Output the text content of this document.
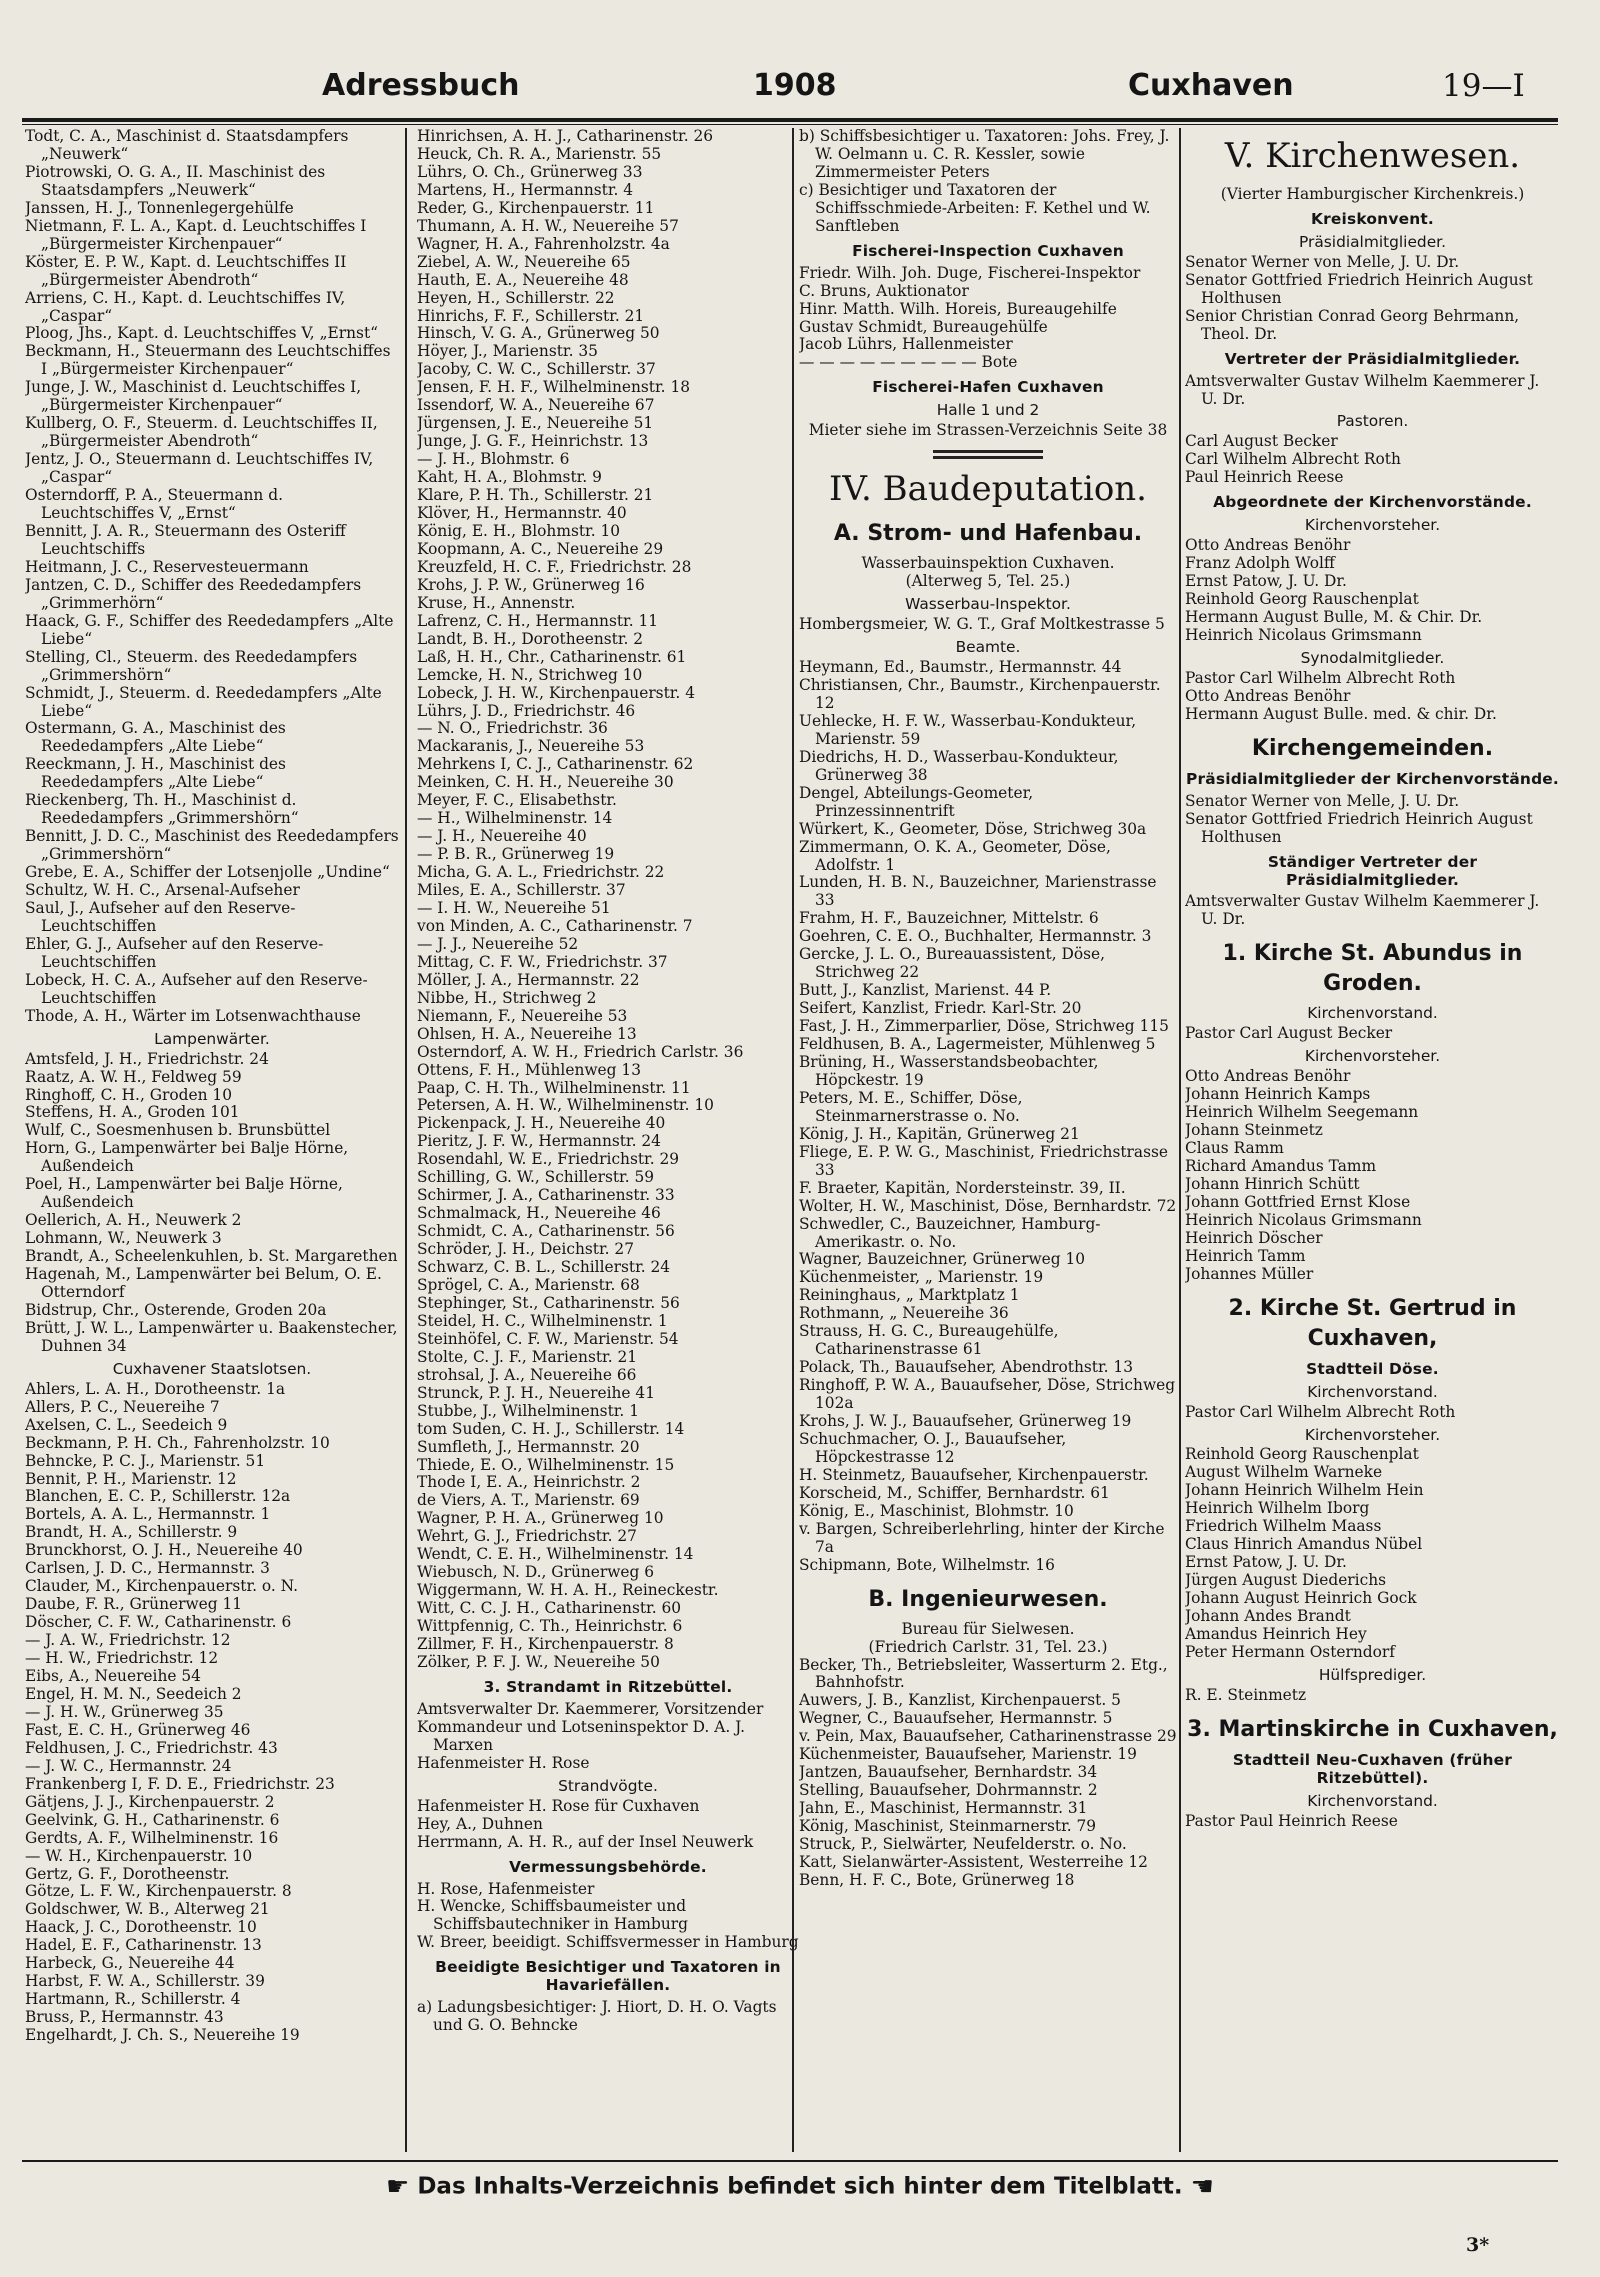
Adressbuch	1908	Cuxhaven	19—I
Todt, C. A., Maschinist d. Staatsdampfers „Neuwerk“
Piotrowski, O. G. A., II. Maschinist des Staatsdampfers „Neuwerk“
Janssen, H. J., Tonnenlegergehülfe
Nietmann, F. L. A., Kapt. d. Leuchtschiffes I „Bürgermeister Kirchenpauer“
Köster, E. P. W., Kapt. d. Leuchtschiffes II „Bürgermeister Abendroth“
Arriens, C. H., Kapt. d. Leuchtschiffes IV, „Caspar“
Ploog, Jhs., Kapt. d. Leuchtschiffes V, „Ernst“
Beckmann, H., Steuermann des Leuchtschiffes I „Bürgermeister Kirchenpauer“
Junge, J. W., Maschinist d. Leuchtschiffes I, „Bürgermeister Kirchenpauer“
Kullberg, O. F., Steuerm. d. Leuchtschiffes II, „Bürgermeister Abendroth“
Jentz, J. O., Steuermann d. Leuchtschiffes IV, „Caspar“
Osterndorff, P. A., Steuermann d. Leuchtschiffes V, „Ernst“
Bennitt, J. A. R., Steuermann des Osteriff Leuchtschiffs
Heitmann, J. C., Reservesteuermann
Jantzen, C. D., Schiffer des Reededampfers „Grimmerhörn“
Haack, G. F., Schiffer des Reededampfers „Alte Liebe“
Stelling, Cl., Steuerm. des Reededampfers „Grimmershörn“
Schmidt, J., Steuerm. d. Reededampfers „Alte Liebe“
Ostermann, G. A., Maschinist des Reededampfers „Alte Liebe“
Reeckmann, J. H., Maschinist des Reededampfers „Alte Liebe“
Rieckenberg, Th. H., Maschinist d. Reededampfers „Grimmershörn“
Bennitt, J. D. C., Maschinist des Reededampfers „Grimmershörn“
Grebe, E. A., Schiffer der Lotsenjolle „Undine“
Schultz, W. H. C., Arsenal-Aufseher
Saul, J., Aufseher auf den Reserve-Leuchtschiffen
Ehler, G. J., Aufseher auf den Reserve-Leuchtschiffen
Lobeck, H. C. A., Aufseher auf den Reserve-Leuchtschiffen
Thode, A. H., Wärter im Lotsenwachthause
Lampenwärter.
Amtsfeld, J. H., Friedrichstr. 24
Raatz, A. W. H., Feldweg 59
Ringhoff, C. H., Groden 10
Steffens, H. A., Groden 101
Wulf, C., Soesmenhusen b. Brunsbüttel
Horn, G., Lampenwärter bei Balje Hörne, Außendeich
Poel, H., Lampenwärter bei Balje Hörne, Außendeich
Oellerich, A. H., Neuwerk 2
Lohmann, W., Neuwerk 3
Brandt, A., Scheelenkuhlen, b. St. Margarethen
Hagenah, M., Lampenwärter bei Belum, O. E. Otterndorf
Bidstrup, Chr., Osterende, Groden 20a
Brütt, J. W. L., Lampenwärter u. Baakenstecher, Duhnen 34
Cuxhavener Staatslotsen.
Ahlers, L. A. H., Dorotheenstr. 1a
Allers, P. C., Neuereihe 7
Axelsen, C. L., Seedeich 9
Beckmann, P. H. Ch., Fahrenholzstr. 10
Behncke, P. C. J., Marienstr. 51
Bennit, P. H., Marienstr. 12
Blanchen, E. C. P., Schillerstr. 12a
Bortels, A. A. L., Hermannstr. 1
Brandt, H. A., Schillerstr. 9
Brunckhorst, O. J. H., Neuereihe 40
Carlsen, J. D. C., Hermannstr. 3
Clauder, M., Kirchenpauerstr. o. N.
Daube, F. R., Grünerweg 11
Döscher, C. F. W., Catharinenstr. 6
— J. A. W., Friedrichstr. 12
— H. W., Friedrichstr. 12
Eibs, A., Neuereihe 54
Engel, H. M. N., Seedeich 2
— J. H. W., Grünerweg 35
Fast, E. C. H., Grünerweg 46
Feldhusen, J. C., Friedrichstr. 43
— J. W. C., Hermannstr. 24
Frankenberg I, F. D. E., Friedrichstr. 23
Gätjens, J. J., Kirchenpauerstr. 2
Geelvink, G. H., Catharinenstr. 6
Gerdts, A. F., Wilhelminenstr. 16
— W. H., Kirchenpauerstr. 10
Gertz, G. F., Dorotheenstr.
Götze, L. F. W., Kirchenpauerstr. 8
Goldschwer, W. B., Alterweg 21
Haack, J. C., Dorotheenstr. 10
Hadel, E. F., Catharinenstr. 13
Harbeck, G., Neuereihe 44
Harbst, F. W. A., Schillerstr. 39
Hartmann, R., Schillerstr. 4
Bruss, P., Hermannstr. 43
Engelhardt, J. Ch. S., Neuereihe 19
Hinrichsen, A. H. J., Catharinenstr. 26
Heuck, Ch. R. A., Marienstr. 55
Lührs, O. Ch., Grünerweg 33
Martens, H., Hermannstr. 4
Reder, G., Kirchenpauerstr. 11
Thumann, A. H. W., Neuereihe 57
Wagner, H. A., Fahrenholzstr. 4a
Ziebel, A. W., Neuereihe 65
Hauth, E. A., Neuereihe 48
Heyen, H., Schillerstr. 22
Hinrichs, F. F., Schillerstr. 21
Hinsch, V. G. A., Grünerweg 50
Höyer, J., Marienstr. 35
Jacoby, C. W. C., Schillerstr. 37
Jensen, F. H. F., Wilhelminenstr. 18
Issendorf, W. A., Neuereihe 67
Jürgensen, J. E., Neuereihe 51
Junge, J. G. F., Heinrichstr. 13
— J. H., Blohmstr. 6
Kaht, H. A., Blohmstr. 9
Klare, P. H. Th., Schillerstr. 21
Klöver, H., Hermannstr. 40
König, E. H., Blohmstr. 10
Koopmann, A. C., Neuereihe 29
Kreuzfeld, H. C. F., Friedrichstr. 28
Krohs, J. P. W., Grünerweg 16
Kruse, H., Annenstr.
Lafrenz, C. H., Hermannstr. 11
Landt, B. H., Dorotheenstr. 2
Laß, H. H., Chr., Catharinenstr. 61
Lemcke, H. N., Strichweg 10
Lobeck, J. H. W., Kirchenpauerstr. 4
Lührs, J. D., Friedrichstr. 46
— N. O., Friedrichstr. 36
Mackaranis, J., Neuereihe 53
Mehrkens I, C. J., Catharinenstr. 62
Meinken, C. H. H., Neuereihe 30
Meyer, F. C., Elisabethstr.
— H., Wilhelminenstr. 14
— J. H., Neuereihe 40
— P. B. R., Grünerweg 19
Micha, G. A. L., Friedrichstr. 22
Miles, E. A., Schillerstr. 37
— I. H. W., Neuereihe 51
von Minden, A. C., Catharinenstr. 7
— J. J., Neuereihe 52
Mittag, C. F. W., Friedrichstr. 37
Möller, J. A., Hermannstr. 22
Nibbe, H., Strichweg 2
Niemann, F., Neuereihe 53
Ohlsen, H. A., Neuereihe 13
Osterndorf, A. W. H., Friedrich Carlstr. 36
Ottens, F. H., Mühlenweg 13
Paap, C. H. Th., Wilhelminenstr. 11
Petersen, A. H. W., Wilhelminenstr. 10
Pickenpack, J. H., Neuereihe 40
Pieritz, J. F. W., Hermannstr. 24
Rosendahl, W. E., Friedrichstr. 29
Schilling, G. W., Schillerstr. 59
Schirmer, J. A., Catharinenstr. 33
Schmalmack, H., Neuereihe 46
Schmidt, C. A., Catharinenstr. 56
Schröder, J. H., Deichstr. 27
Schwarz, C. B. L., Schillerstr. 24
Sprögel, C. A., Marienstr. 68
Stephinger, St., Catharinenstr. 56
Steidel, H. C., Wilhelminenstr. 1
Steinhöfel, C. F. W., Marienstr. 54
Stolte, C. J. F., Marienstr. 21
strohsal, J. A., Neuereihe 66
Strunck, P. J. H., Neuereihe 41
Stubbe, J., Wilhelminenstr. 1
tom Suden, C. H. J., Schillerstr. 14
Sumfleth, J., Hermannstr. 20
Thiede, E. O., Wilhelminenstr. 15
Thode I, E. A., Heinrichstr. 2
de Viers, A. T., Marienstr. 69
Wagner, P. H. A., Grünerweg 10
Wehrt, G. J., Friedrichstr. 27
Wendt, C. E. H., Wilhelminenstr. 14
Wiebusch, N. D., Grünerweg 6
Wiggermann, W. H. A. H., Reineckestr.
Witt, C. C. J. H., Catharinenstr. 60
Wittpfennig, C. Th., Heinrichstr. 6
Zillmer, F. H., Kirchenpauerstr. 8
Zölker, P. F. J. W., Neuereihe 50
3. Strandamt in Ritzebüttel.
Amtsverwalter Dr. Kaemmerer, Vorsitzender
Kommandeur und Lotseninspektor D. A. J. Marxen
Hafenmeister H. Rose
Strandvögte.
Hafenmeister H. Rose für Cuxhaven
Hey, A., Duhnen
Herrmann, A. H. R., auf der Insel Neuwerk
Vermessungsbehörde.
H. Rose, Hafenmeister
H. Wencke, Schiffsbaumeister und Schiffsbautechniker in Hamburg
W. Breer, beeidigt. Schiffsvermesser in Hamburg
Beeidigte Besichtiger und Taxatoren in Havariefällen.
a) Ladungsbesichtiger: J. Hiort, D. H. O. Vagts und G. O. Behncke
b) Schiffsbesichtiger u. Taxatoren: Johs. Frey, J. W. Oelmann u. C. R. Kessler, sowie Zimmermeister Peters
c) Besichtiger und Taxatoren der Schiffsschmiede-Arbeiten: F. Kethel und W. Sanftleben
Fischerei-Inspection Cuxhaven
Friedr. Wilh. Joh. Duge, Fischerei-Inspektor
C. Bruns, Auktionator
Hinr. Matth. Wilh. Horeis, Bureaugehilfe
Gustav Schmidt, Bureaugehülfe
Jacob Lührs, Hallenmeister
— — — — — — — — — Bote
Fischerei-Hafen Cuxhaven
Halle 1 und 2
Mieter siehe im Strassen-Verzeichnis Seite 38
IV. Baudeputation.
A. Strom- und Hafenbau.
Wasserbauinspektion Cuxhaven.
(Alterweg 5, Tel. 25.)
Wasserbau-Inspektor.
Hombergsmeier, W. G. T., Graf Moltkestrasse 5
Beamte.
Heymann, Ed., Baumstr., Hermannstr. 44
Christiansen, Chr., Baumstr., Kirchenpauerstr. 12
Uehlecke, H. F. W., Wasserbau-Kondukteur, Marienstr. 59
Diedrichs, H. D., Wasserbau-Kondukteur, Grünerweg 38
Dengel, Abteilungs-Geometer, Prinzessinnentrift
Würkert, K., Geometer, Döse, Strichweg 30a
Zimmermann, O. K. A., Geometer, Döse, Adolfstr. 1
Lunden, H. B. N., Bauzeichner, Marienstrasse 33
Frahm, H. F., Bauzeichner, Mittelstr. 6
Goehren, C. E. O., Buchhalter, Hermannstr. 3
Gercke, J. L. O., Bureauassistent, Döse, Strichweg 22
Butt, J., Kanzlist, Marienst. 44 P.
Seifert, Kanzlist, Friedr. Karl-Str. 20
Fast, J. H., Zimmerparlier, Döse, Strichweg 115
Feldhusen, B. A., Lagermeister, Mühlenweg 5
Brüning, H., Wasserstandsbeobachter, Höpckestr. 19
Peters, M. E., Schiffer, Döse, Steinmarnerstrasse o. No.
König, J. H., Kapitän, Grünerweg 21
Fliege, E. P. W. G., Maschinist, Friedrichstrasse 33
F. Braeter, Kapitän, Nordersteinstr. 39, II.
Wolter, H. W., Maschinist, Döse, Bernhardstr. 72
Schwedler, C., Bauzeichner, Hamburg-Amerikastr. o. No.
Wagner, Bauzeichner, Grünerweg 10
Küchenmeister, „ Marienstr. 19
Reininghaus, „ Marktplatz 1
Rothmann, „ Neuereihe 36
Strauss, H. G. C., Bureaugehülfe, Catharinenstrasse 61
Polack, Th., Bauaufseher, Abendrothstr. 13
Ringhoff, P. W. A., Bauaufseher, Döse, Strichweg 102a
Krohs, J. W. J., Bauaufseher, Grünerweg 19
Schuchmacher, O. J., Bauaufseher, Höpckestrasse 12
H. Steinmetz, Bauaufseher, Kirchenpauerstr.
Korscheid, M., Schiffer, Bernhardstr. 61
König, E., Maschinist, Blohmstr. 10
v. Bargen, Schreiberlehrling, hinter der Kirche 7a
Schipmann, Bote, Wilhelmstr. 16
B. Ingenieurwesen.
Bureau für Sielwesen.
(Friedrich Carlstr. 31, Tel. 23.)
Becker, Th., Betriebsleiter, Wasserturm 2. Etg., Bahnhofstr.
Auwers, J. B., Kanzlist, Kirchenpauerst. 5
Wegner, C., Bauaufseher, Hermannstr. 5
v. Pein, Max, Bauaufseher, Catharinenstrasse 29
Küchenmeister, Bauaufseher, Marienstr. 19
Jantzen, Bauaufseher, Bernhardstr. 34
Stelling, Bauaufseher, Dohrmannstr. 2
Jahn, E., Maschinist, Hermannstr. 31
König, Maschinist, Steinmarnerstr. 79
Struck, P., Sielwärter, Neufelderstr. o. No.
Katt, Sielanwärter-Assistent, Westerreihe 12
Benn, H. F. C., Bote, Grünerweg 18
V. Kirchenwesen.
(Vierter Hamburgischer Kirchenkreis.)
Kreiskonvent.
Präsidialmitglieder.
Senator Werner von Melle, J. U. Dr.
Senator Gottfried Friedrich Heinrich August Holthusen
Senior Christian Conrad Georg Behrmann, Theol. Dr.
Vertreter der Präsidialmitglieder.
Amtsverwalter Gustav Wilhelm Kaemmerer J. U. Dr.
Pastoren.
Carl August Becker
Carl Wilhelm Albrecht Roth
Paul Heinrich Reese
Abgeordnete der Kirchenvorstände.
Kirchenvorsteher.
Otto Andreas Benöhr
Franz Adolph Wolff
Ernst Patow, J. U. Dr.
Reinhold Georg Rauschenplat
Hermann August Bulle, M. & Chir. Dr.
Heinrich Nicolaus Grimsmann
Synodalmitglieder.
Pastor Carl Wilhelm Albrecht Roth
Otto Andreas Benöhr
Hermann August Bulle. med. & chir. Dr.
Kirchengemeinden.
Präsidialmitglieder der Kirchenvorstände.
Senator Werner von Melle, J. U. Dr.
Senator Gottfried Friedrich Heinrich August Holthusen
Ständiger Vertreter der Präsidialmitglieder.
Amtsverwalter Gustav Wilhelm Kaemmerer J. U. Dr.
1. Kirche St. Abundus in Groden.
Kirchenvorstand.
Pastor Carl August Becker
Kirchenvorsteher.
Otto Andreas Benöhr
Johann Heinrich Kamps
Heinrich Wilhelm Seegemann
Johann Steinmetz
Claus Ramm
Richard Amandus Tamm
Johann Hinrich Schütt
Johann Gottfried Ernst Klose
Heinrich Nicolaus Grimsmann
Heinrich Döscher
Heinrich Tamm
Johannes Müller
2. Kirche St. Gertrud in Cuxhaven,
Stadtteil Döse.
Kirchenvorstand.
Pastor Carl Wilhelm Albrecht Roth
Kirchenvorsteher.
Reinhold Georg Rauschenplat
August Wilhelm Warneke
Johann Heinrich Wilhelm Hein
Heinrich Wilhelm Iborg
Friedrich Wilhelm Maass
Claus Hinrich Amandus Nübel
Ernst Patow, J. U. Dr.
Jürgen August Diederichs
Johann August Heinrich Gock
Johann Andes Brandt
Amandus Heinrich Hey
Peter Hermann Osterndorf
Hülfsprediger.
R. E. Steinmetz
3. Martinskirche in Cuxhaven,
Stadtteil Neu-Cuxhaven (früher Ritzebüttel).
Kirchenvorstand.
Pastor Paul Heinrich Reese
☛ Das Inhalts-Verzeichnis befindet sich hinter dem Titelblatt. ☚
3*
